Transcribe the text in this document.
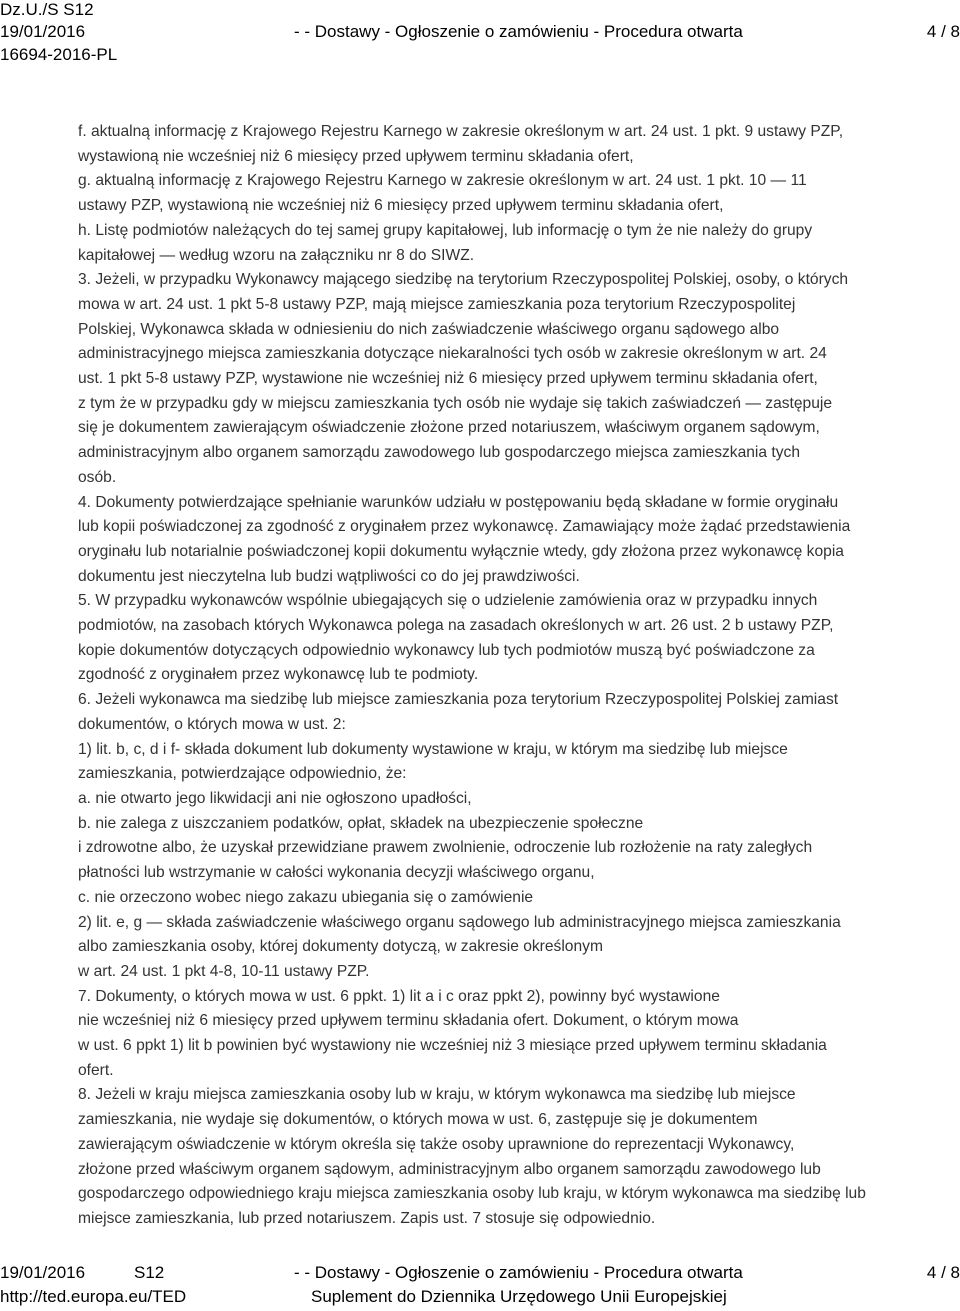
Dz.U./S S12
19/01/2016	- - Dostawy - Ogłoszenie o zamówieniu - Procedura otwarta	4 / 8
16694-2016-PL

f. aktualną informację z Krajowego Rejestru Karnego w zakresie określonym w art. 24 ust. 1 pkt. 9 ustawy PZP,

wystawioną nie wcześniej niż 6 miesięcy przed upływem terminu składania ofert,

g. aktualną informację z Krajowego Rejestru Karnego w zakresie określonym w art. 24 ust. 1 pkt. 10 — 11

ustawy PZP, wystawioną nie wcześniej niż 6 miesięcy przed upływem terminu składania ofert,

h. Listę podmiotów należących do tej samej grupy kapitałowej, lub informację o tym że nie należy do grupy

kapitałowej — według wzoru na załączniku nr 8 do SIWZ.

3. Jeżeli, w przypadku Wykonawcy mającego siedzibę na terytorium Rzeczypospolitej Polskiej, osoby, o których

mowa w art. 24 ust. 1 pkt 5-8 ustawy PZP, mają miejsce zamieszkania poza terytorium Rzeczypospolitej

Polskiej, Wykonawca składa w odniesieniu do nich zaświadczenie właściwego organu sądowego albo

administracyjnego miejsca zamieszkania dotyczące niekaralności tych osób w zakresie określonym w art. 24

ust. 1 pkt 5-8 ustawy PZP, wystawione nie wcześniej niż 6 miesięcy przed upływem terminu składania ofert,

z tym że w przypadku gdy w miejscu zamieszkania tych osób nie wydaje się takich zaświadczeń — zastępuje

się je dokumentem zawierającym oświadczenie złożone przed notariuszem, właściwym organem sądowym,

administracyjnym albo organem samorządu zawodowego lub gospodarczego miejsca zamieszkania tych

osób.

4. Dokumenty potwierdzające spełnianie warunków udziału w postępowaniu będą składane w formie oryginału

lub kopii poświadczonej za zgodność z oryginałem przez wykonawcę. Zamawiający może żądać przedstawienia

oryginału lub notarialnie poświadczonej kopii dokumentu wyłącznie wtedy, gdy złożona przez wykonawcę kopia

dokumentu jest nieczytelna lub budzi wątpliwości co do jej prawdziwości.

5. W przypadku wykonawców wspólnie ubiegających się o udzielenie zamówienia oraz w przypadku innych

podmiotów, na zasobach których Wykonawca polega na zasadach określonych w art. 26 ust. 2 b ustawy PZP,

kopie dokumentów dotyczących odpowiednio wykonawcy lub tych podmiotów muszą być poświadczone za

zgodność z oryginałem przez wykonawcę lub te podmioty.

6. Jeżeli wykonawca ma siedzibę lub miejsce zamieszkania poza terytorium Rzeczypospolitej Polskiej zamiast

dokumentów, o których mowa w ust. 2:

1) lit. b, c, d i f- składa dokument lub dokumenty wystawione w kraju, w którym ma siedzibę lub miejsce

zamieszkania, potwierdzające odpowiednio, że:

a. nie otwarto jego likwidacji ani nie ogłoszono upadłości,

b. nie zalega z uiszczaniem podatków, opłat, składek na ubezpieczenie społeczne

i zdrowotne albo, że uzyskał przewidziane prawem zwolnienie, odroczenie lub rozłożenie na raty zaległych

płatności lub wstrzymanie w całości wykonania decyzji właściwego organu,

c. nie orzeczono wobec niego zakazu ubiegania się o zamówienie

2) lit. e, g — składa zaświadczenie właściwego organu sądowego lub administracyjnego miejsca zamieszkania

albo zamieszkania osoby, której dokumenty dotyczą, w zakresie określonym

w art. 24 ust. 1 pkt 4-8, 10-11 ustawy PZP.

7. Dokumenty, o których mowa w ust. 6 ppkt. 1) lit a i c oraz ppkt 2), powinny być wystawione

nie wcześniej niż 6 miesięcy przed upływem terminu składania ofert. Dokument, o którym mowa

w ust. 6 ppkt 1) lit b powinien być wystawiony nie wcześniej niż 3 miesiące przed upływem terminu składania

ofert.

8. Jeżeli w kraju miejsca zamieszkania osoby lub w kraju, w którym wykonawca ma siedzibę lub miejsce

zamieszkania, nie wydaje się dokumentów, o których mowa w ust. 6, zastępuje się je dokumentem

zawierającym oświadczenie w którym określa się także osoby uprawnione do reprezentacji Wykonawcy,

złożone przed właściwym organem sądowym, administracyjnym albo organem samorządu zawodowego lub

gospodarczego odpowiedniego kraju miejsca zamieszkania osoby lub kraju, w którym wykonawca ma siedzibę lub

miejsce zamieszkania, lub przed notariuszem. Zapis ust. 7 stosuje się odpowiednio.

19/01/2016	S12	- - Dostawy - Ogłoszenie o zamówieniu - Procedura otwarta	4 / 8
http://ted.europa.eu/TED	Suplement do Dziennika Urzędowego Unii Europejskiej
